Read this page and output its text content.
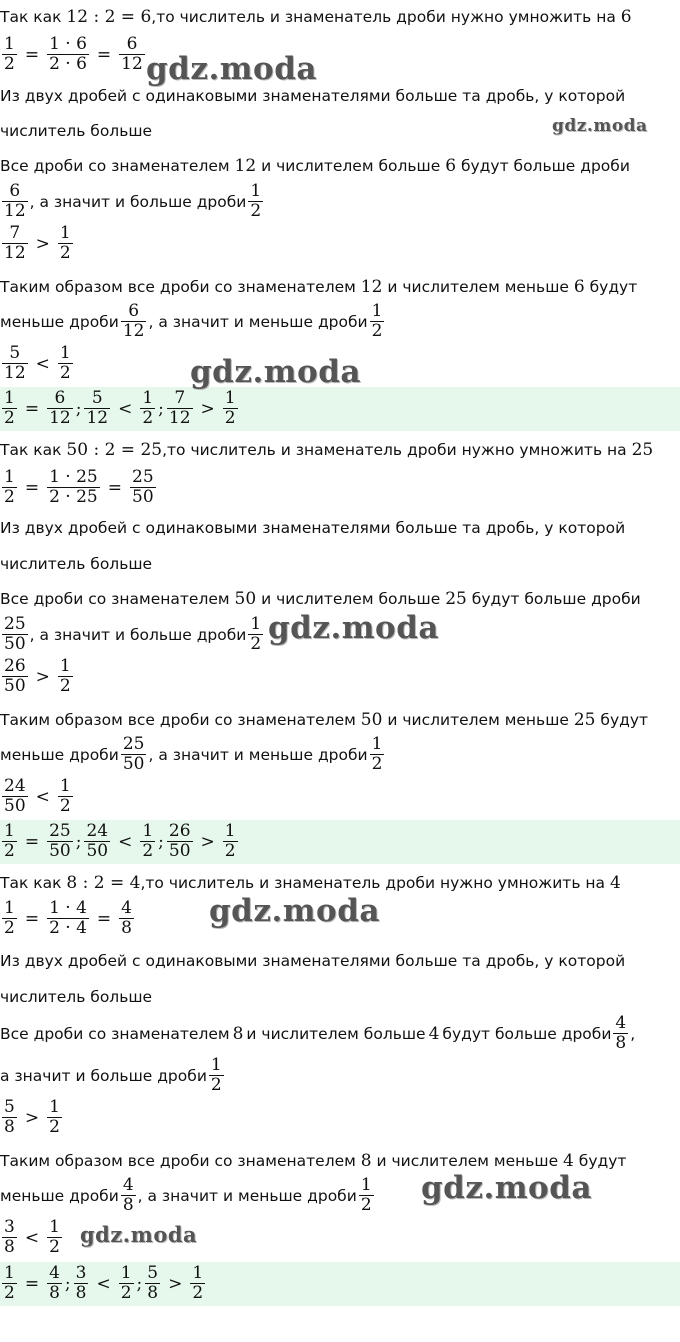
Так как 12 : 2 = 6,то числитель и знаменатель дроби нужно умножить на 6
$\frac{1}{2} = \frac{1 \cdot 6}{2 \cdot 6} = \frac{6}{12}$
Из двух дробей с одинаковыми знаменателями больше та дробь, у которой
числитель больше
Все дроби со знаменателем 12 и числителем больше 6 будут больше дроби
$\frac{6}{12}$ , а значит и больше дроби $\frac{1}{2}$
$\frac{7}{12} > \frac{1}{2}$
Таким образом все дроби со знаменателем 12 и числителем меньше 6 будут
меньше дроби $\frac{6}{12}$ , а значит и меньше дроби $\frac{1}{2}$
$\frac{5}{12} < \frac{1}{2}$
$\frac{1}{2} = \frac{6}{12}$ ; $\frac{5}{12} < \frac{1}{2}$ ; $\frac{7}{12} > \frac{1}{2}$
Так как 50 : 2 = 25,то числитель и знаменатель дроби нужно умножить на 25
$\frac{1}{2} = \frac{1 \cdot 25}{2 \cdot 25} = \frac{25}{50}$
Из двух дробей с одинаковыми знаменателями больше та дробь, у которой
числитель больше
Все дроби со знаменателем 50 и числителем больше 25 будут больше дроби
$\frac{25}{50}$ , а значит и больше дроби $\frac{1}{2}$
$\frac{26}{50} > \frac{1}{2}$
Таким образом все дроби со знаменателем 50 и числителем меньше 25 будут
меньше дроби $\frac{25}{50}$ , а значит и меньше дроби $\frac{1}{2}$
$\frac{24}{50} < \frac{1}{2}$
$\frac{1}{2} = \frac{25}{50}$ ; $\frac{24}{50} < \frac{1}{2}$ ; $\frac{26}{50} > \frac{1}{2}$
Так как 8 : 2 = 4,то числитель и знаменатель дроби нужно умножить на 4
$\frac{1}{2} = \frac{1 \cdot 4}{2 \cdot 4} = \frac{4}{8}$
Из двух дробей с одинаковыми знаменателями больше та дробь, у которой
числитель больше
Все дроби со знаменателем 8 и числителем больше 4 будут больше дроби $\frac{4}{8}$ ,
а значит и больше дроби $\frac{1}{2}$
$\frac{5}{8} > \frac{1}{2}$
Таким образом все дроби со знаменателем 8 и числителем меньше 4 будут
меньше дроби $\frac{4}{8}$ , а значит и меньше дроби $\frac{1}{2}$
$\frac{3}{8} < \frac{1}{2}$
$\frac{1}{2} = \frac{4}{8}$ ; $\frac{3}{8} < \frac{1}{2}$ ; $\frac{5}{8} > \frac{1}{2}$
gdz.moda
gdz.moda
gdz.moda
gdz.moda
gdz.moda
gdz.moda
gdz.moda
